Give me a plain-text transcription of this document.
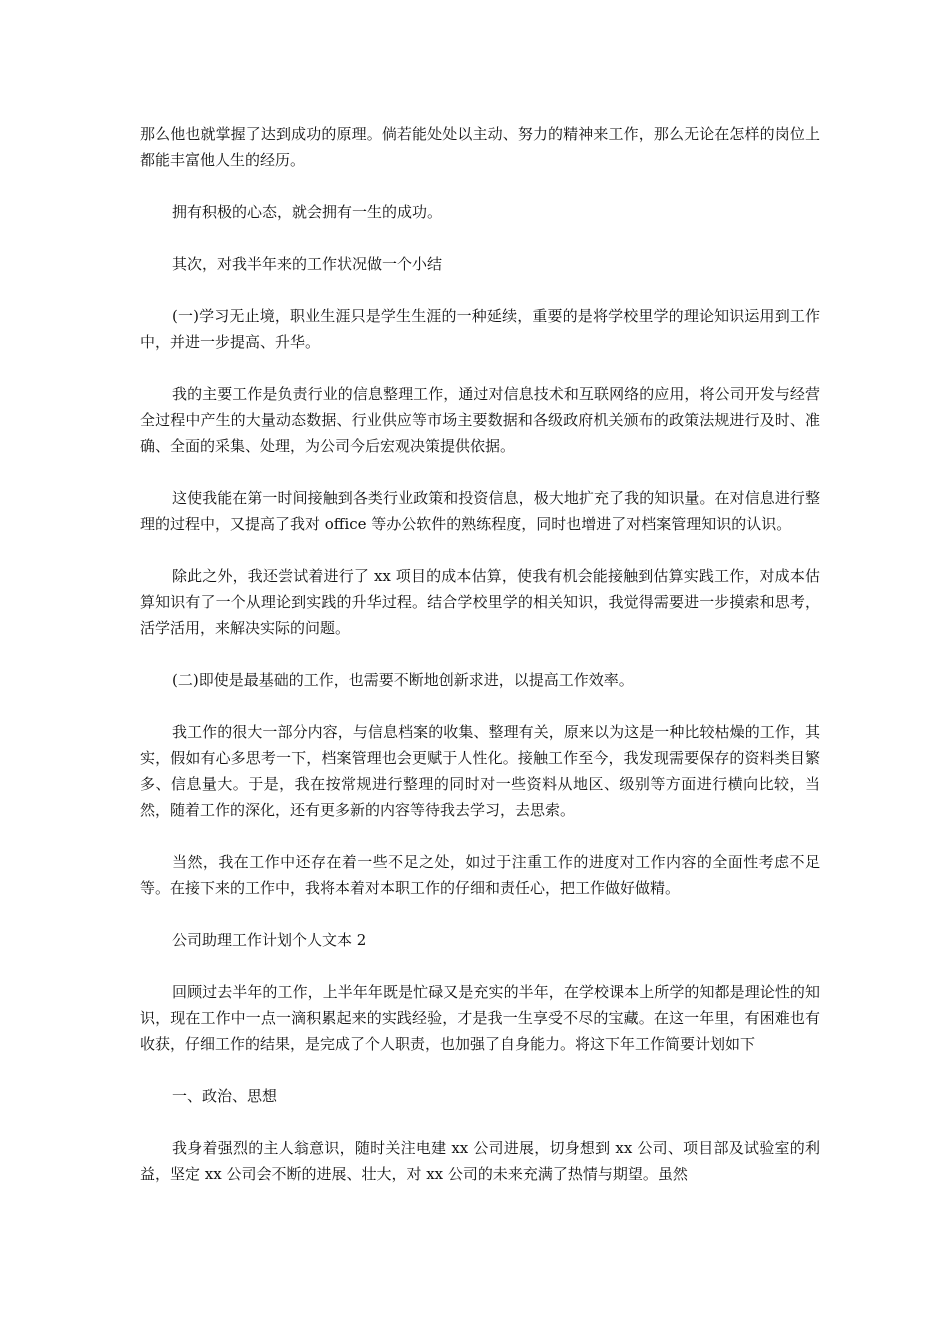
那么他也就掌握了达到成功的原理。倘若能处处以主动、努力的精神来工作，那么无论在怎样的岗位上都能丰富他人生的经历。

拥有积极的心态，就会拥有一生的成功。

其次，对我半年来的工作状况做一个小结

(一)学习无止境，职业生涯只是学生生涯的一种延续，重要的是将学校里学的理论知识运用到工作中，并进一步提高、升华。

我的主要工作是负责行业的信息整理工作，通过对信息技术和互联网络的应用，将公司开发与经营全过程中产生的大量动态数据、行业供应等市场主要数据和各级政府机关颁布的政策法规进行及时、准确、全面的采集、处理，为公司今后宏观决策提供依据。

这使我能在第一时间接触到各类行业政策和投资信息，极大地扩充了我的知识量。在对信息进行整理的过程中，又提高了我对 office 等办公软件的熟练程度，同时也增进了对档案管理知识的认识。

除此之外，我还尝试着进行了 xx 项目的成本估算，使我有机会能接触到估算实践工作，对成本估算知识有了一个从理论到实践的升华过程。结合学校里学的相关知识，我觉得需要进一步摸索和思考，活学活用，来解决实际的问题。

(二)即使是最基础的工作，也需要不断地创新求进，以提高工作效率。

我工作的很大一部分内容，与信息档案的收集、整理有关，原来以为这是一种比较枯燥的工作，其实，假如有心多思考一下，档案管理也会更赋于人性化。接触工作至今，我发现需要保存的资料类目繁多、信息量大。于是，我在按常规进行整理的同时对一些资料从地区、级别等方面进行横向比较，当然，随着工作的深化，还有更多新的内容等待我去学习，去思索。

当然，我在工作中还存在着一些不足之处，如过于注重工作的进度对工作内容的全面性考虑不足等。在接下来的工作中，我将本着对本职工作的仔细和责任心，把工作做好做精。

公司助理工作计划个人文本 2

回顾过去半年的工作，上半年年既是忙碌又是充实的半年，在学校课本上所学的知都是理论性的知识，现在工作中一点一滴积累起来的实践经验，才是我一生享受不尽的宝藏。在这一年里，有困难也有收获，仔细工作的结果，是完成了个人职责，也加强了自身能力。将这下年工作简要计划如下

一、政治、思想

我身着强烈的主人翁意识，随时关注电建 xx 公司进展，切身想到 xx 公司、项目部及试验室的利益，坚定 xx 公司会不断的进展、壮大，对 xx 公司的未来充满了热情与期望。虽然
